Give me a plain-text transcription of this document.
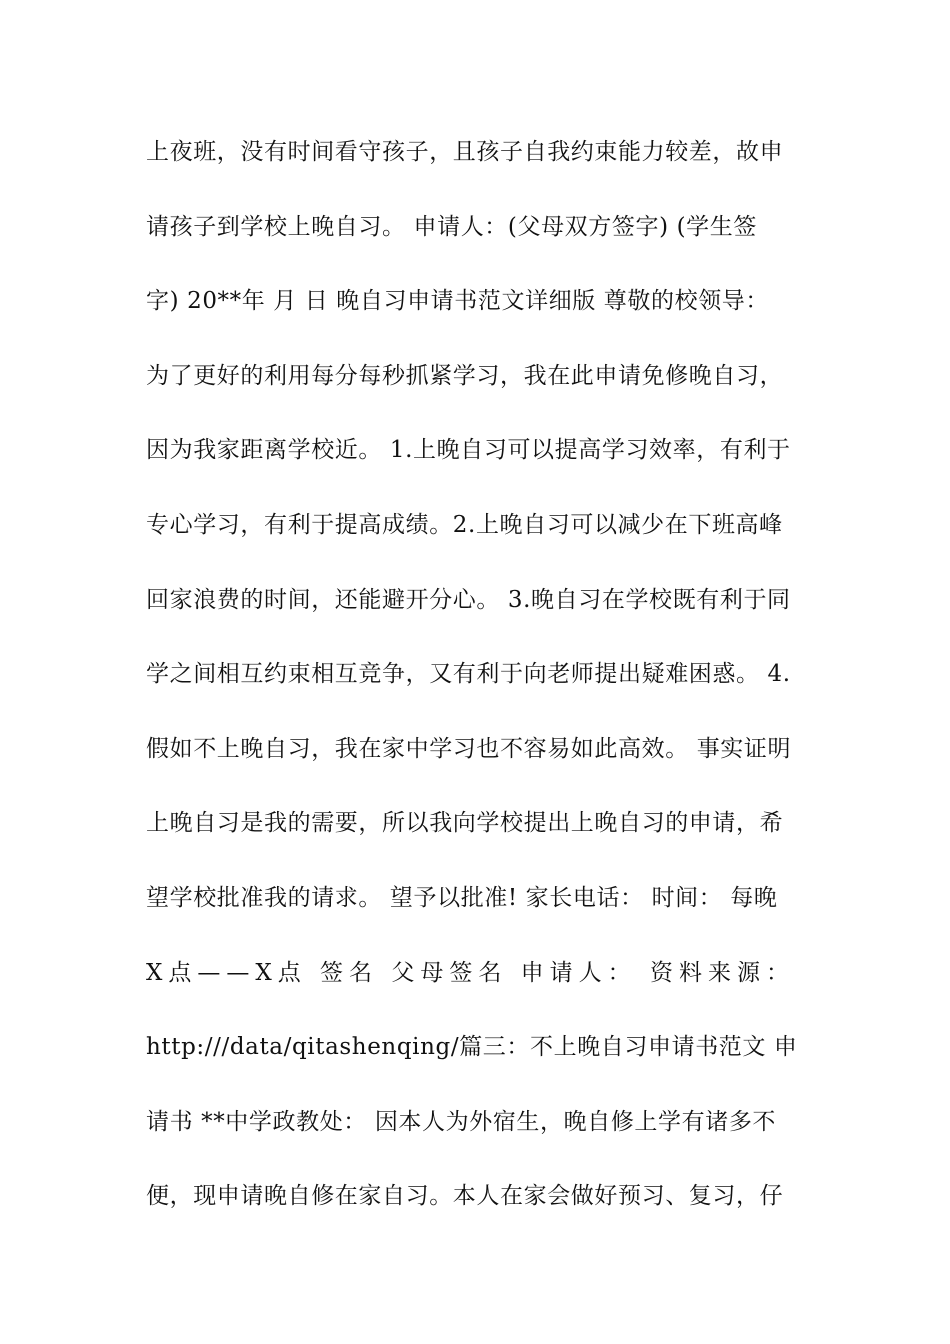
上夜班，没有时间看守孩子，且孩子自我约束能力较差，故申
请孩子到学校上晚自习。 申请人：(父母双方签字) (学生签
字) 20**年 月 日 晚自习申请书范文详细版 尊敬的校领导：
为了更好的利用每分每秒抓紧学习，我在此申请免修晚自习，
因为我家距离学校近。 1.上晚自习可以提高学习效率，有利于
专心学习，有利于提高成绩。2.上晚自习可以减少在下班高峰
回家浪费的时间，还能避开分心。 3.晚自习在学校既有利于同
学之间相互约束相互竞争，又有利于向老师提出疑难困惑。 4.
假如不上晚自习，我在家中学习也不容易如此高效。 事实证明
上晚自习是我的需要，所以我向学校提出上晚自习的申请，希
望学校批准我的请求。 望予以批准! 家长电话： 时间： 每晚
X点——X点 签名 父母签名 申请人： 资料来源：
http:///data/qitashenqing/篇三：不上晚自习申请书范文 申
请书 **中学政教处： 因本人为外宿生，晚自修上学有诸多不
便，现申请晚自修在家自习。本人在家会做好预习、复习，仔
